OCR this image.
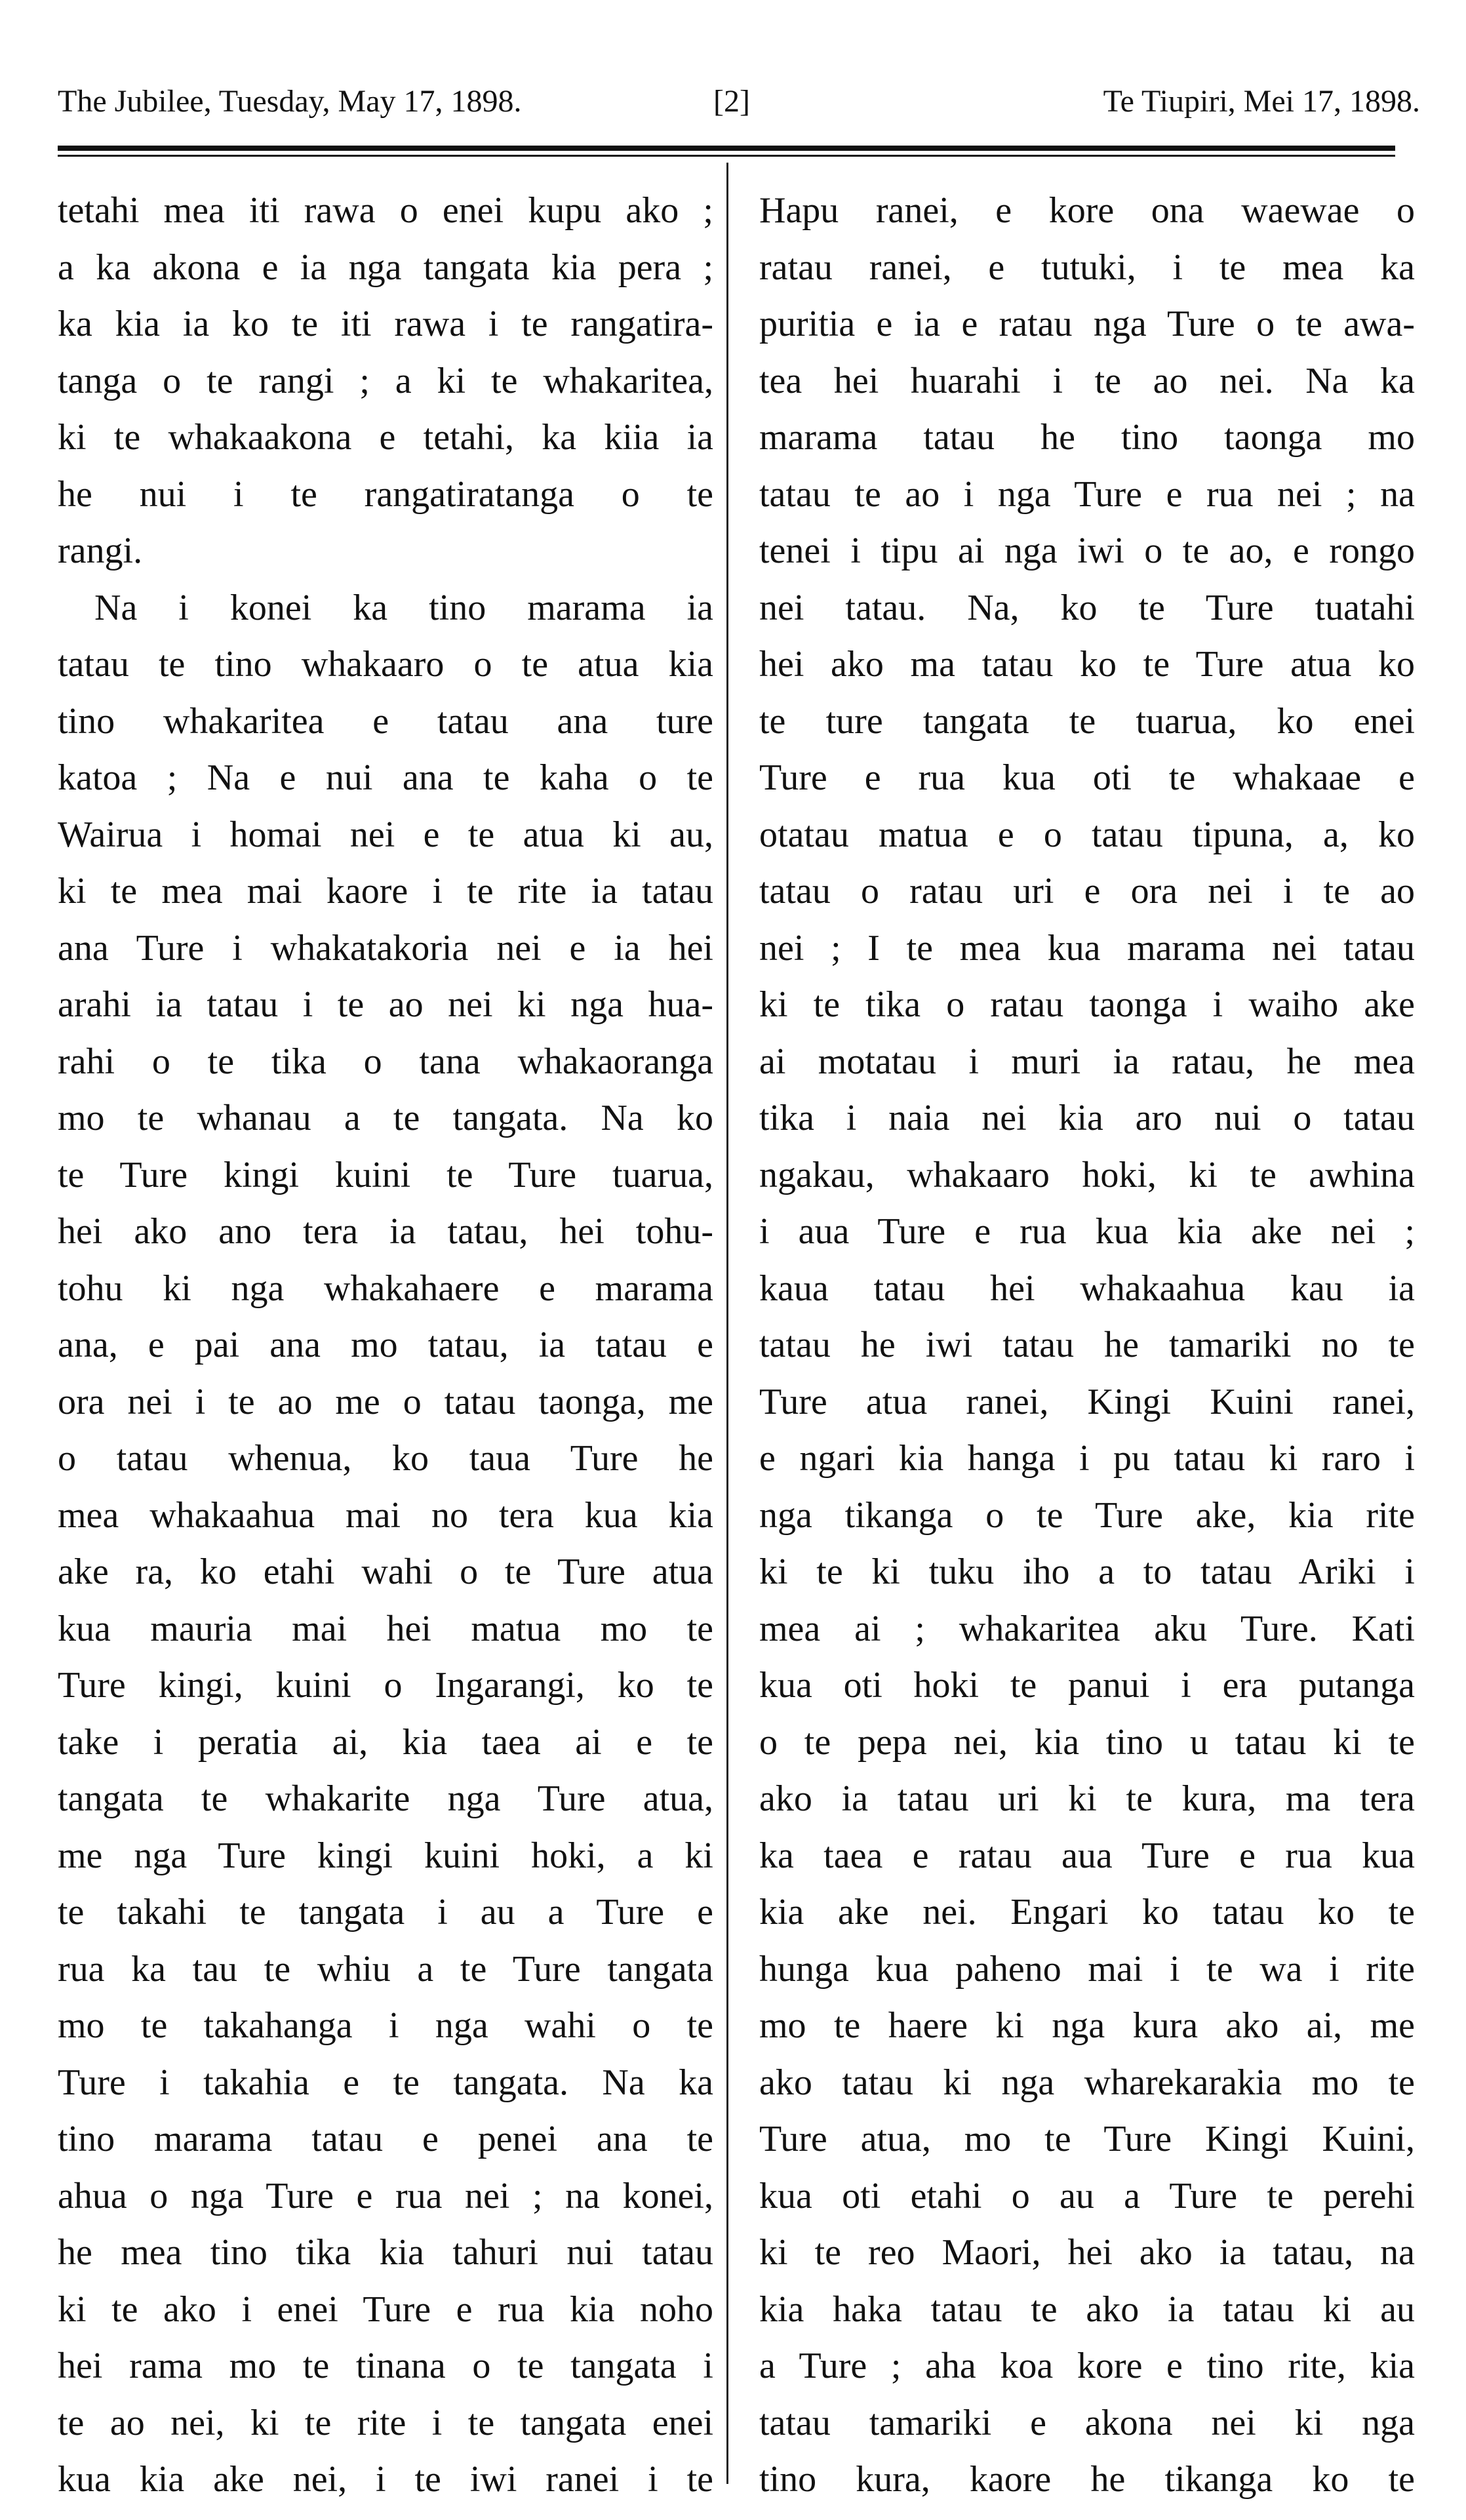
The Jubilee, Tuesday, May 17, 1898.	[2]	Te Tiupiri, Mei 17, 1898.
tetahi mea iti rawa o enei kupu ako ;
a ka akona e ia nga tangata kia pera ;
ka kia ia ko te iti rawa i te rangatira-
tanga o te rangi ; a ki te whakaritea,
ki te whakaakona e tetahi, ka kiia ia
he nui i te rangatiratanga o te
rangi.
Na i konei ka tino marama ia
tatau te tino whakaaro o te atua kia
tino whakaritea e tatau ana ture
katoa ; Na e nui ana te kaha o te
Wairua i homai nei e te atua ki au,
ki te mea mai kaore i te rite ia tatau
ana Ture i whakatakoria nei e ia hei
arahi ia tatau i te ao nei ki nga hua-
rahi o te tika o tana whakaoranga
mo te whanau a te tangata. Na ko
te Ture kingi kuini te Ture tuarua,
hei ako ano tera ia tatau, hei tohu-
tohu ki nga whakahaere e marama
ana, e pai ana mo tatau, ia tatau e
ora nei i te ao me o tatau taonga, me
o tatau whenua, ko taua Ture he
mea whakaahua mai no tera kua kia
ake ra, ko etahi wahi o te Ture atua
kua mauria mai hei matua mo te
Ture kingi, kuini o Ingarangi, ko te
take i peratia ai, kia taea ai e te
tangata te whakarite nga Ture atua,
me nga Ture kingi kuini hoki, a ki
te takahi te tangata i au a Ture e
rua ka tau te whiu a te Ture tangata
mo te takahanga i nga wahi o te
Ture i takahia e te tangata. Na ka
tino marama tatau e penei ana te
ahua o nga Ture e rua nei ; na konei,
he mea tino tika kia tahuri nui tatau
ki te ako i enei Ture e rua kia noho
hei rama mo te tinana o te tangata i
te ao nei, ki te rite i te tangata enei
kua kia ake nei, i te iwi ranei i te
Hapu ranei, e kore ona waewae o
ratau ranei, e tutuki, i te mea ka
puritia e ia e ratau nga Ture o te awa-
tea hei huarahi i te ao nei. Na ka
marama tatau he tino taonga mo
tatau te ao i nga Ture e rua nei ; na
tenei i tipu ai nga iwi o te ao, e rongo
nei tatau. Na, ko te Ture tuatahi
hei ako ma tatau ko te Ture atua ko
te ture tangata te tuarua, ko enei
Ture e rua kua oti te whakaae e
otatau matua e o tatau tipuna, a, ko
tatau o ratau uri e ora nei i te ao
nei ; I te mea kua marama nei tatau
ki te tika o ratau taonga i waiho ake
ai motatau i muri ia ratau, he mea
tika i naia nei kia aro nui o tatau
ngakau, whakaaro hoki, ki te awhina
i aua Ture e rua kua kia ake nei ;
kaua tatau hei whakaahua kau ia
tatau he iwi tatau he tamariki no te
Ture atua ranei, Kingi Kuini ranei,
e ngari kia hanga i pu tatau ki raro i
nga tikanga o te Ture ake, kia rite
ki te ki tuku iho a to tatau Ariki i
mea ai ; whakaritea aku Ture. Kati
kua oti hoki te panui i era putanga
o te pepa nei, kia tino u tatau ki te
ako ia tatau uri ki te kura, ma tera
ka taea e ratau aua Ture e rua kua
kia ake nei. Engari ko tatau ko te
hunga kua paheno mai i te wa i rite
mo te haere ki nga kura ako ai, me
ako tatau ki nga wharekarakia mo te
Ture atua, mo te Ture Kingi Kuini,
kua oti etahi o au a Ture te perehi
ki te reo Maori, hei ako ia tatau, na
kia haka tatau te ako ia tatau ki au
a Ture ; aha koa kore e tino rite, kia
tatau tamariki e akona nei ki nga
tino kura, kaore he tikanga ko te
